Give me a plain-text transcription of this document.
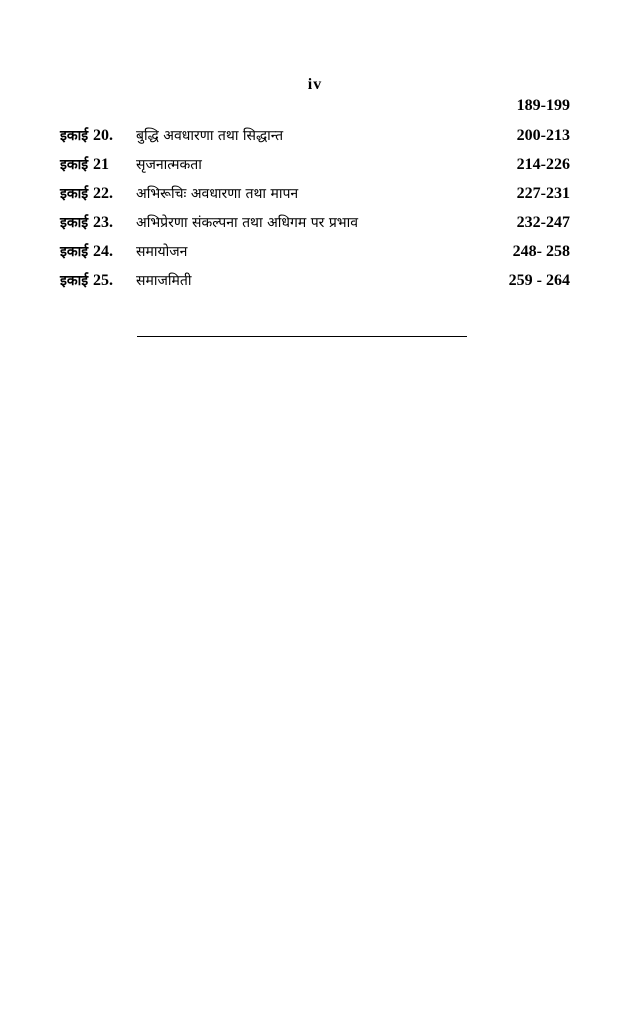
iv
189-199
इकाई 20. बुद्धि अवधारणा तथा सिद्धान्त	200-213
इकाई 21 सृजनात्मकता	214-226
इकाई 22. अभिरूचिः अवधारणा तथा मापन	227-231
इकाई 23. अभिप्रेरणा संकल्पना तथा अधिगम पर प्रभाव	232-247
इकाई 24. समायोजन	248- 258
इकाई 25. समाजमिती	259 - 264
